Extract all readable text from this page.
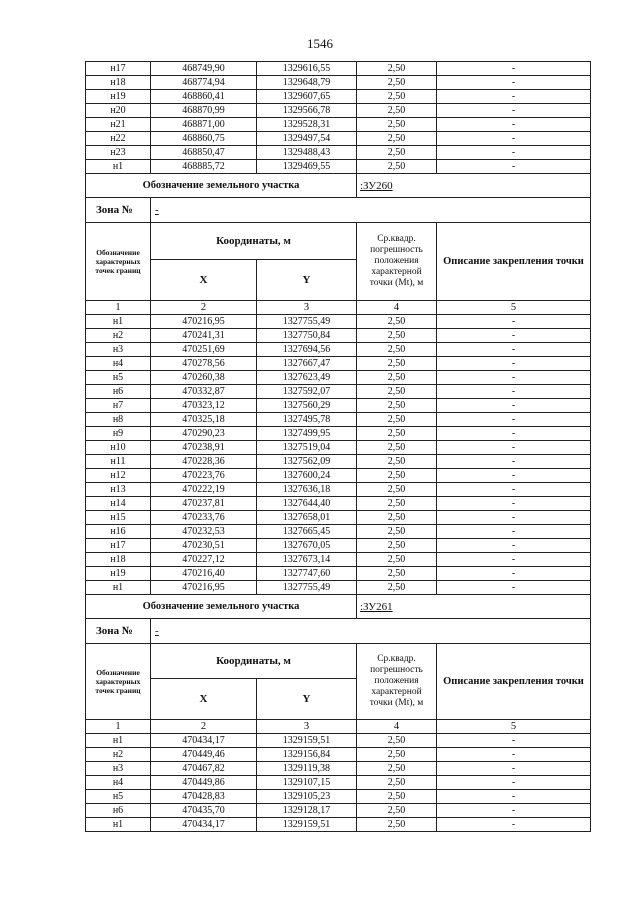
1546
н17	468749,90	1329616,55	2,50	-
н18	468774,94	1329648,79	2,50	-
н19	468860,41	1329607,65	2,50	-
н20	468870,99	1329566,78	2,50	-
н21	468871,00	1329528,31	2,50	-
н22	468860,75	1329497,54	2,50	-
н23	468850,47	1329488,43	2,50	-
н1	468885,72	1329469,55	2,50	-
Обозначение земельного участка			:ЗУ260	
Зона №	-			
Обозначение характерных точек границ	Координаты, м		Ср.квадр. погрешность положения характерной точки (Mt), м	Описание закрепления точки
	X	Y		
1	2	3	4	5
н1	470216,95	1327755,49	2,50	-
н2	470241,31	1327750,84	2,50	-
н3	470251,69	1327694,56	2,50	-
н4	470278,56	1327667,47	2,50	-
н5	470260,38	1327623,49	2,50	-
н6	470332,87	1327592,07	2,50	-
н7	470323,12	1327560,29	2,50	-
н8	470325,18	1327495,78	2,50	-
н9	470290,23	1327499,95	2,50	-
н10	470238,91	1327519,04	2,50	-
н11	470228,36	1327562,09	2,50	-
н12	470223,76	1327600,24	2,50	-
н13	470222,19	1327636,18	2,50	-
н14	470237,81	1327644,40	2,50	-
н15	470233,76	1327658,01	2,50	-
н16	470232,53	1327665,45	2,50	-
н17	470230,51	1327670,05	2,50	-
н18	470227,12	1327673,14	2,50	-
н19	470216,40	1327747,60	2,50	-
н1	470216,95	1327755,49	2,50	-
Обозначение земельного участка			:ЗУ261	
Зона №	-			
Обозначение характерных точек границ	Координаты, м		Ср.квадр. погрешность положения характерной точки (Mt), м	Описание закрепления точки
	X	Y		
1	2	3	4	5
н1	470434,17	1329159,51	2,50	-
н2	470449,46	1329156,84	2,50	-
н3	470467,82	1329119,38	2,50	-
н4	470449,86	1329107,15	2,50	-
н5	470428,83	1329105,23	2,50	-
н6	470435,70	1329128,17	2,50	-
н1	470434,17	1329159,51	2,50	-
